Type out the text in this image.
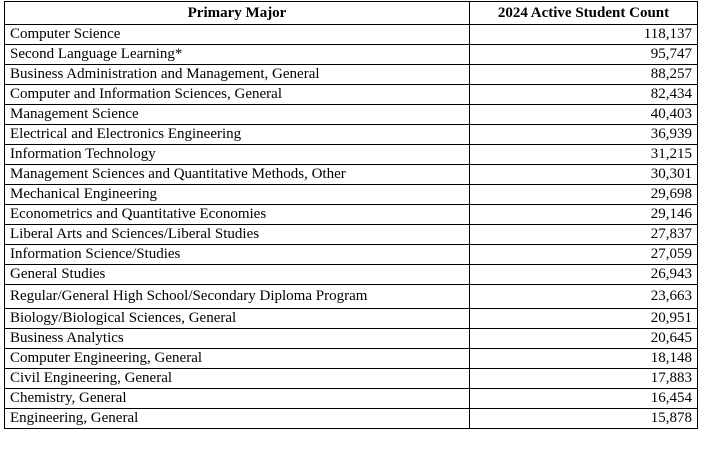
Primary Major	2024 Active Student Count
Computer Science	118,137
Second Language Learning*	95,747
Business Administration and Management, General	88,257
Computer and Information Sciences, General	82,434
Management Science	40,403
Electrical and Electronics Engineering	36,939
Information Technology	31,215
Management Sciences and Quantitative Methods, Other	30,301
Mechanical Engineering	29,698
Econometrics and Quantitative Economies	29,146
Liberal Arts and Sciences/Liberal Studies	27,837
Information Science/Studies	27,059
General Studies	26,943
Regular/General High School/Secondary Diploma Program	23,663
Biology/Biological Sciences, General	20,951
Business Analytics	20,645
Computer Engineering, General	18,148
Civil Engineering, General	17,883
Chemistry, General	16,454
Engineering, General	15,878
